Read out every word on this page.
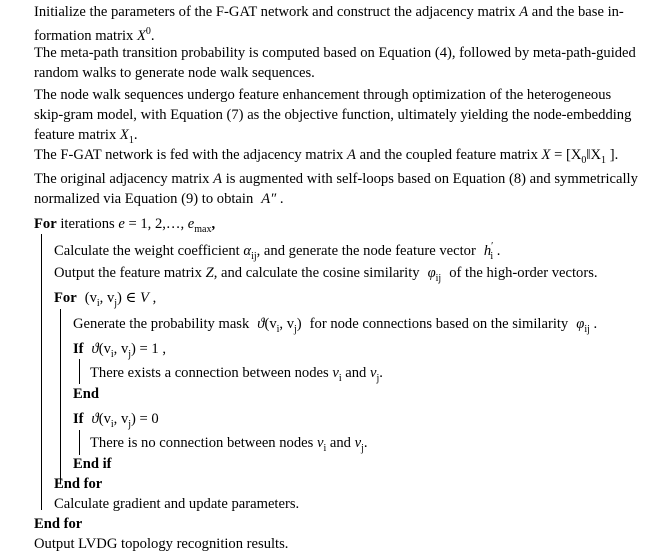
Initialize the parameters of the F-GAT network and construct the adjacency matrix A and the base in-
formation matrix $X^0$.
The meta-path transition probability is computed based on Equation (4), followed by meta-path-guided
random walks to generate node walk sequences.
The node walk sequences undergo feature enhancement through optimization of the heterogeneous
skip-gram model, with Equation (7) as the objective function, ultimately yielding the node-embedding
feature matrix $X_1$.
The F-GAT network is fed with the adjacency matrix A and the coupled feature matrix $X = [X_0‖X_1$ ].
The original adjacency matrix A is augmented with self-loops based on Equation (8) and symmetrically
normalized via Equation (9) to obtain A″ .
For iterations e = 1, 2,…, $e_{max}$,
Calculate the weight coefficient $\alpha_{ij}$, and generate the node feature vector $h'_i$ .
Output the feature matrix Z, and calculate the cosine similarity $\varphi_{ij}$ of the high-order vectors.
For ($v_i$, $v_j$) ∈ V ,
Generate the probability mask $ϑ(v_i$, $v_j$) for node connections based on the similarity $\varphi_{ij}$ .
If $ϑ(v_i$, $v_j) = 1$ ,
There exists a connection between nodes $v_i$ and $v_j$.
End
If $ϑ(v_i$, $v_j) = 0$
There is no connection between nodes $v_i$ and $v_j$.
End if
End for
Calculate gradient and update parameters.
End for
Output LVDG topology recognition results.
